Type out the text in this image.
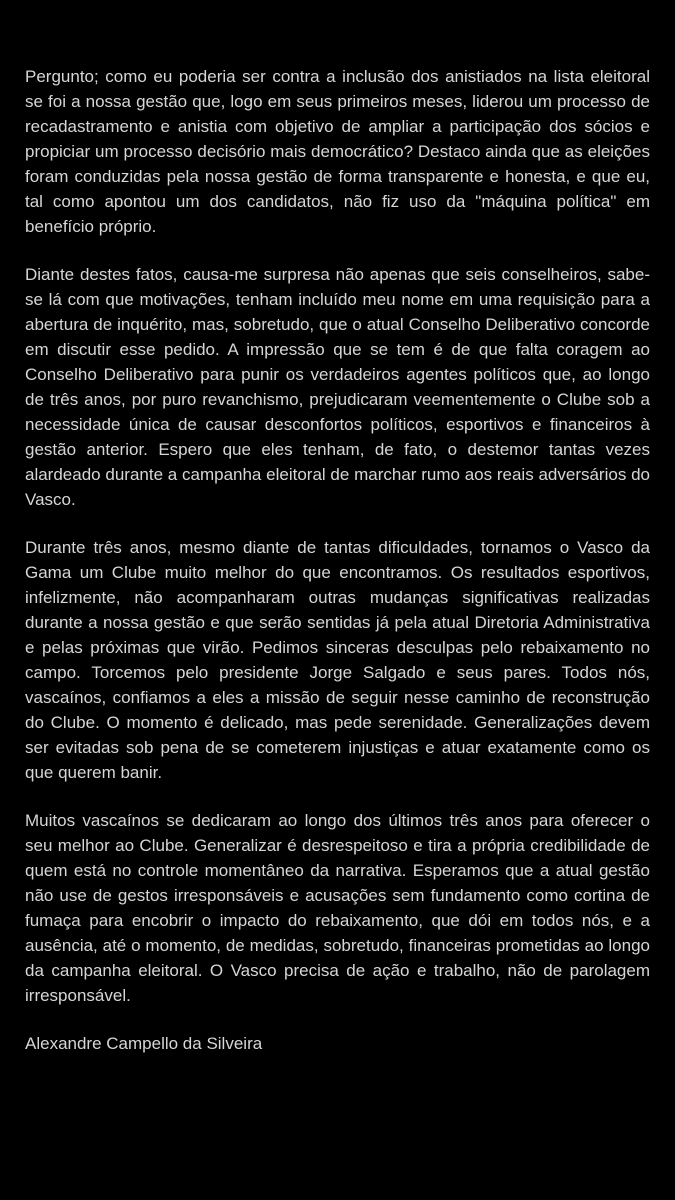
Pergunto; como eu poderia ser contra a inclusão dos anistiados na lista eleitoral se foi a nossa gestão que, logo em seus primeiros meses, liderou um processo de recadastramento e anistia com objetivo de ampliar a participação dos sócios e propiciar um processo decisório mais democrático? Destaco ainda que as eleições foram conduzidas pela nossa gestão de forma transparente e honesta, e que eu, tal como apontou um dos candidatos, não fiz uso da "máquina política" em benefício próprio.

Diante destes fatos, causa-me surpresa não apenas que seis conselheiros, sabe-se lá com que motivações, tenham incluído meu nome em uma requisição para a abertura de inquérito, mas, sobretudo, que o atual Conselho Deliberativo concorde em discutir esse pedido. A impressão que se tem é de que falta coragem ao Conselho Deliberativo para punir os verdadeiros agentes políticos que, ao longo de três anos, por puro revanchismo, prejudicaram veementemente o Clube sob a necessidade única de causar desconfortos políticos, esportivos e financeiros à gestão anterior. Espero que eles tenham, de fato, o destemor tantas vezes alardeado durante a campanha eleitoral de marchar rumo aos reais adversários do Vasco.

Durante três anos, mesmo diante de tantas dificuldades, tornamos o Vasco da Gama um Clube muito melhor do que encontramos. Os resultados esportivos, infelizmente, não acompanharam outras mudanças significativas realizadas durante a nossa gestão e que serão sentidas já pela atual Diretoria Administrativa e pelas próximas que virão. Pedimos sinceras desculpas pelo rebaixamento no campo. Torcemos pelo presidente Jorge Salgado e seus pares. Todos nós, vascaínos, confiamos a eles a missão de seguir nesse caminho de reconstrução do Clube. O momento é delicado, mas pede serenidade. Generalizações devem ser evitadas sob pena de se cometerem injustiças e atuar exatamente como os que querem banir.

Muitos vascaínos se dedicaram ao longo dos últimos três anos para oferecer o seu melhor ao Clube. Generalizar é desrespeitoso e tira a própria credibilidade de quem está no controle momentâneo da narrativa. Esperamos que a atual gestão não use de gestos irresponsáveis e acusações sem fundamento como cortina de fumaça para encobrir o impacto do rebaixamento, que dói em todos nós, e a ausência, até o momento, de medidas, sobretudo, financeiras prometidas ao longo da campanha eleitoral. O Vasco precisa de ação e trabalho, não de parolagem irresponsável.

Alexandre Campello da Silveira
